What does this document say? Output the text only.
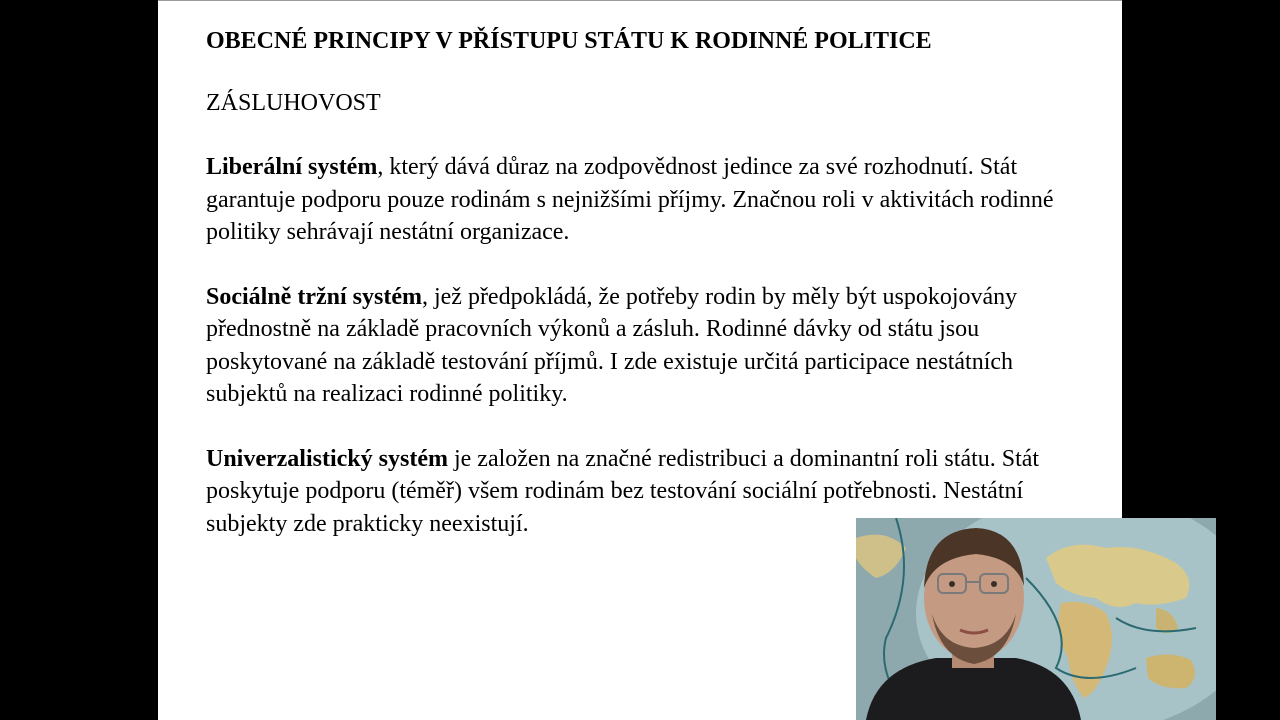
OBECNÉ PRINCIPY V PŘÍSTUPU STÁTU K RODINNÉ POLITICE
ZÁSLUHOVOST
Liberální systém, který dává důraz na zodpovědnost jedince za své rozhodnutí. Stát garantuje podporu pouze rodinám s nejnižšími příjmy. Značnou roli v aktivitách rodinné politiky sehrávají nestátní organizace.
Sociálně tržní systém, jež předpokládá, že potřeby rodin by měly být uspokojovány přednostně na základě pracovních výkonů a zásluh. Rodinné dávky od státu jsou poskytované na základě testování příjmů. I zde existuje určitá participace nestátních subjektů na realizaci rodinné politiky.
Univerzalistický systém je založen na značné redistribuci a dominantní roli státu. Stát poskytuje podporu (téměř) všem rodinám bez testování sociální potřebnosti. Nestátní subjekty zde prakticky neexistují.
